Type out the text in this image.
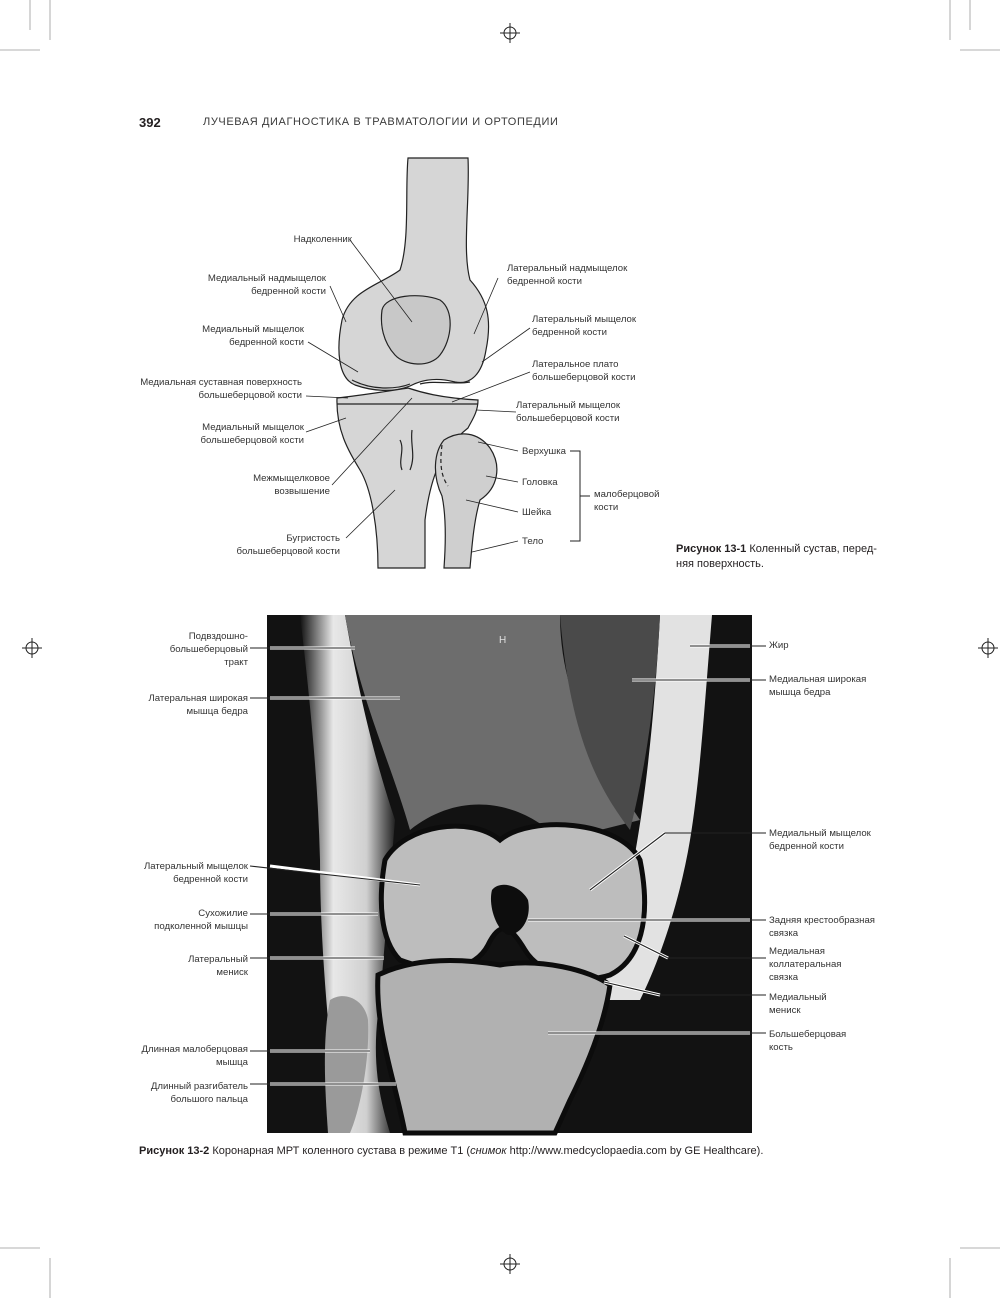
392	ЛУЧЕВАЯ ДИАГНОСТИКА В ТРАВМАТОЛОГИИ И ОРТОПЕДИИ
Н
Надколенник
Медиальный надмыщелок
бедренной кости
Медиальный мыщелок
бедренной кости
Медиальная суставная поверхность
большеберцовой кости
Медиальный мыщелок
большеберцовой кости
Межмыщелковое
возвышение
Бугристость
большеберцовой кости
Латеральный надмыщелок
бедренной кости
Латеральный мыщелок
бедренной кости
Латеральное плато
большеберцовой кости
Латеральный мыщелок
большеберцовой кости
Верхушка
Головка
Шейка
Тело
малоберцовой
кости
Рисунок 13-1 Коленный сустав, перед-
няя поверхность.
Подвздошно-
большеберцовый
тракт
Латеральная широкая
мышца бедра
Латеральный мыщелок
бедренной кости
Сухожилие
подколенной мышцы
Латеральный
мениск
Длинная малоберцовая
мышца
Длинный разгибатель
большого пальца
Жир
Медиальная широкая
мышца бедра
Медиальный мыщелок
бедренной кости
Задняя крестообразная
связка
Медиальная
коллатеральная
связка
Медиальный
мениск
Большеберцовая
кость
Рисунок 13-2 Коронарная МРТ коленного сустава в режиме Т1 (снимок http://www.medcyclopaedia.com by GE Healthcare).
